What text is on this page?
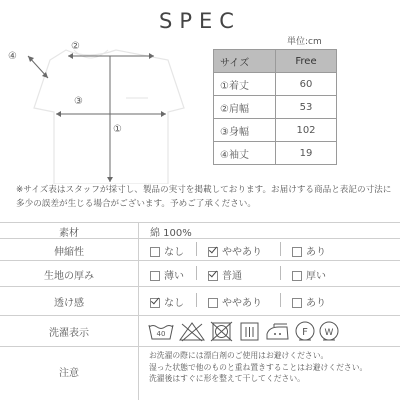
SPEC
④
②
③
①
単位:cm
サイズ	Free
①着丈	60
②肩幅	53
③身幅	102
④袖丈	19
※サイズ表はスタッフが採寸し、製品の実寸を掲載しております。お届けする商品と表記の寸法に
多少の誤差が生じる場合がございます。予めご了承ください。
素材	綿 100%
伸縮性	なし	ややあり	あり
生地の厚み	薄い	普通	厚い
透け感	なし	ややあり	あり
洗濯表示	40	F W
注意
お洗濯の際には漂白剤のご使用はお避けください。
湿った状態で他のものと重ね置きすることはお避けください。
洗濯後はすぐに形を整えて干してください。
